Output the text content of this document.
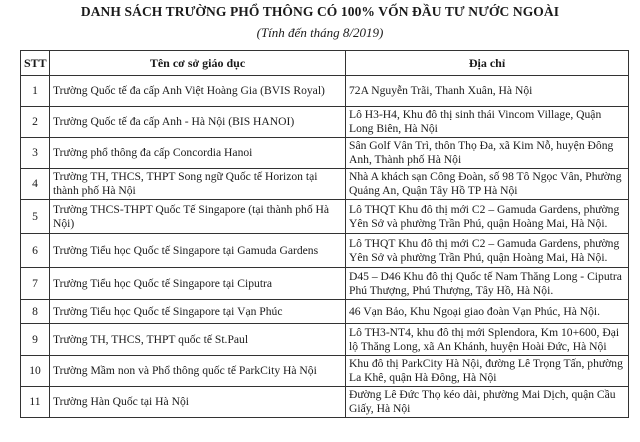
DANH SÁCH TRƯỜNG PHỔ THÔNG CÓ 100% VỐN ĐẦU TƯ NƯỚC NGOÀI
(Tính đến tháng 8/2019)
STT	Tên cơ sở giáo dục	Địa chỉ
1	Trường Quốc tế đa cấp Anh Việt Hoàng Gia (BVIS Royal)	72A Nguyễn Trãi, Thanh Xuân, Hà Nội
2	Trường Quốc tế đa cấp Anh - Hà Nội (BIS HANOI)	Lô H3-H4, Khu đô thị sinh thái Vincom Village, Quận Long Biên, Hà Nội
3	Trường phổ thông đa cấp Concordia Hanoi	Sân Golf Vân Trì, thôn Thọ Đa, xã Kim Nỗ, huyện Đông Anh, Thành phố Hà Nội
4	Trường TH, THCS, THPT Song ngữ Quốc tế Horizon tại thành phố Hà Nội	Nhà A khách sạn Công Đoàn, số 98 Tô Ngọc Vân, Phường Quảng An, Quận Tây Hồ TP Hà Nội
5	Trường THCS-THPT Quốc Tế Singapore (tại thành phố Hà Nội)	Lô THQT Khu đô thị mới C2 – Gamuda Gardens, phường Yên Sở và phường Trần Phú, quận Hoàng Mai, Hà Nội.
6	Trường Tiểu học Quốc tế Singapore tại Gamuda Gardens	Lô THQT Khu đô thị mới C2 – Gamuda Gardens, phường Yên Sở và phường Trần Phú, quận Hoàng Mai, Hà Nội.
7	Trường Tiểu học Quốc tế Singapore tại Ciputra	D45 – D46 Khu đô thị Quốc tế Nam Thăng Long - Ciputra Phú Thượng, Phú Thượng, Tây Hồ, Hà Nội.
8	Trường Tiểu học Quốc tế Singapore tại Vạn Phúc	46 Vạn Bảo, Khu Ngoại giao đoàn Vạn Phúc, Hà Nội.
9	Trường TH, THCS, THPT quốc tế St.Paul	Lô TH3-NT4, khu đô thị mới Splendora, Km 10+600, Đại lộ Thăng Long, xã An Khánh, huyện Hoài Đức, Hà Nội
10	Trường Mầm non và Phổ thông quốc tế ParkCity Hà Nội	Khu đô thị ParkCity Hà Nội, đường Lê Trọng Tấn, phường La Khê, quận Hà Đông, Hà Nội
11	Trường Hàn Quốc tại Hà Nội	Đường Lê Đức Thọ kéo dài, phường Mai Dịch, quận Cầu Giấy, Hà Nội
